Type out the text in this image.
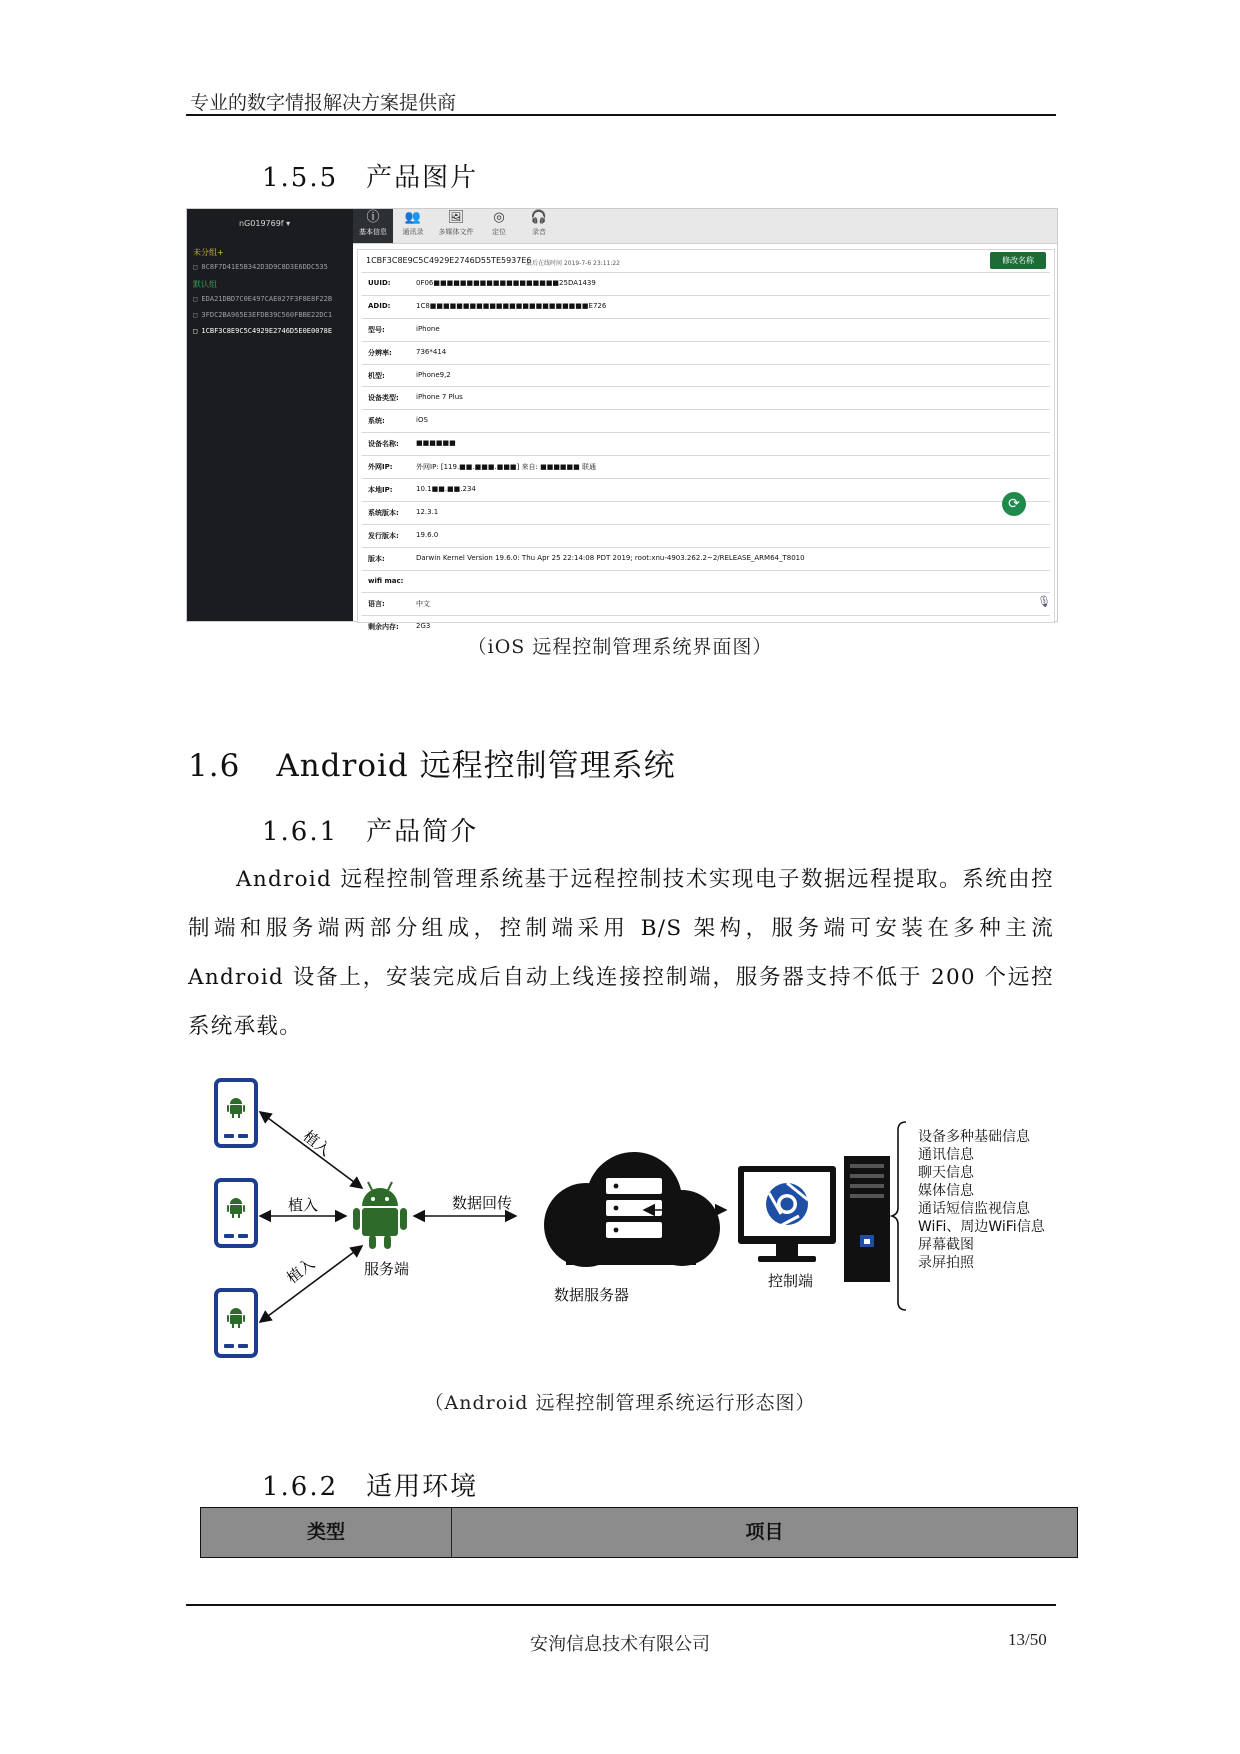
专业的数字情报解决方案提供商
1.5.5 产品图片
nG019769f ▾
未分组+
□ 8C8F7D41E5B342D3D9C8D3E6DDC535
默认组
□ EDA21DBD7C0E497CAE027F3F8E8F22B
□ 3FDC2BA965E3EFDB39C560FBBE22DC1
□ 1CBF3C8E9C5C4929E2746D5E0E0078E
ⓘ
基本信息
👥
通讯录
🖼
多媒体文件
◎
定位
🎧
录音
1CBF3C8E9C5C4929E2746D55TE5937E6
最后在线时间 2019-7-6 23:11:22	修改名称
UUID:	0F06■■■■■■■■■■■■■■■■■■■25DA1439
ADID:	1C8■■■■■■■■■■■■■■■■■■■■■■■■E726
型号:	iPhone
分辨率:	736*414
机型:	iPhone9,2
设备类型: iPhone 7 Plus
系统:	iOS
设备名称: ■■■■■■
外网IP:	外网IP: [119.■■.■■■.■■■] 来自: ■■■■■■ 联通
本地IP:	10.1■■.■■.234
系统版本: 12.3.1
发行版本: 19.6.0
版本:	Darwin Kernel Version 19.6.0: Thu Apr 25 22:14:08 PDT 2019; root:xnu-4903.262.2~2/RELEASE_ARM64_T8010
wifi mac:
语言:	中文
剩余内存: 2G3
⟳
🎙
（iOS 远程控制管理系统界面图）
1.6 Android 远程控制管理系统
1.6.1 产品简介
Android 远程控制管理系统基于远程控制技术实现电子数据远程提取。系统由控制端和服务端两部分组成，控制端采用 B/S 架构，服务端可安装在多种主流 Android 设备上，安装完成后自动上线连接控制端，服务器支持不低于 200 个远控系统承载。
植入
植入
植入	服务端
数据回传
数据服务器
控制端
设备多种基础信息
通讯信息
聊天信息
媒体信息
通话短信监视信息
WiFi、周边WiFi信息
屏幕截图
录屏拍照
（Android 远程控制管理系统运行形态图）
1.6.2 适用环境
类型	项目
安洵信息技术有限公司	13/50
